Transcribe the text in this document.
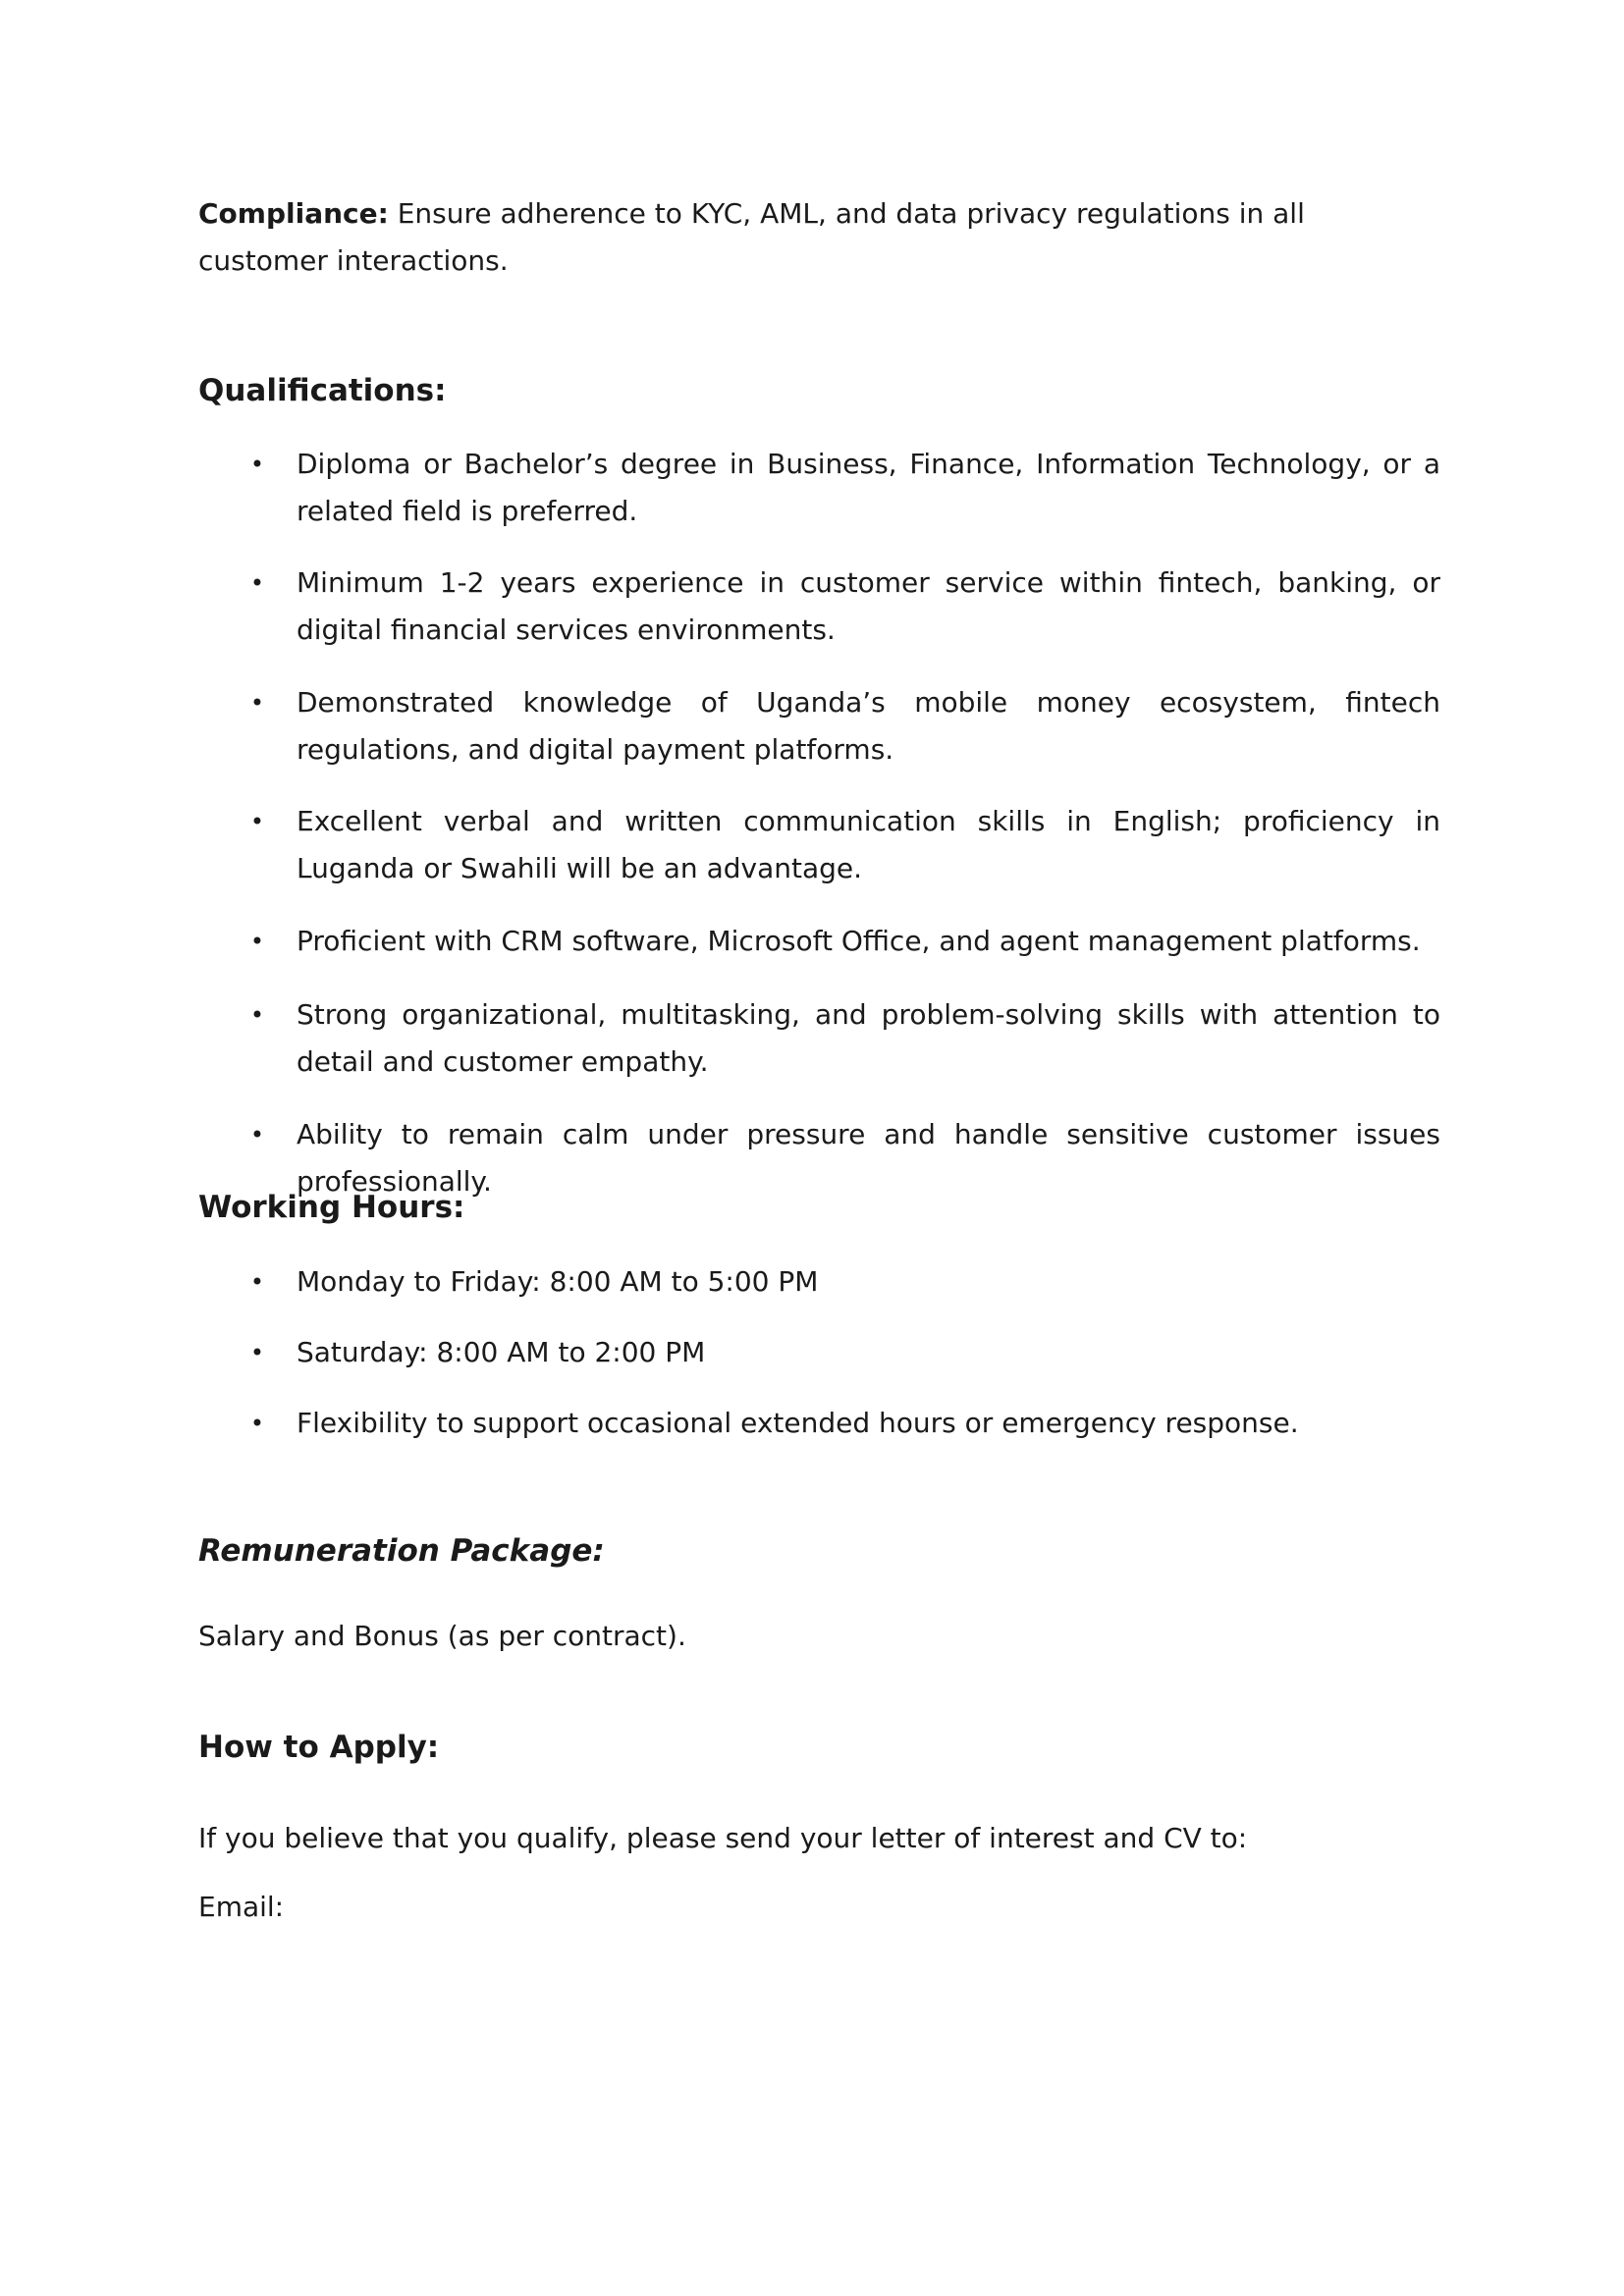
Compliance: Ensure adherence to KYC, AML, and data privacy regulations in all customer interactions.

Qualifications:
• Diploma or Bachelor’s degree in Business, Finance, Information Technology, or a related field is preferred.
• Minimum 1-2 years experience in customer service within fintech, banking, or digital financial services environments.
• Demonstrated knowledge of Uganda’s mobile money ecosystem, fintech regulations, and digital payment platforms.
• Excellent verbal and written communication skills in English; proficiency in Luganda or Swahili will be an advantage.
• Proficient with CRM software, Microsoft Office, and agent management platforms.
• Strong organizational, multitasking, and problem-solving skills with attention to detail and customer empathy.
• Ability to remain calm under pressure and handle sensitive customer issues professionally.
Working Hours:
• Monday to Friday: 8:00 AM to 5:00 PM
• Saturday: 8:00 AM to 2:00 PM
• Flexibility to support occasional extended hours or emergency response.
Remuneration Package:

Salary and Bonus (as per contract).

How to Apply:

If you believe that you qualify, please send your letter of interest and CV to:

Email:
